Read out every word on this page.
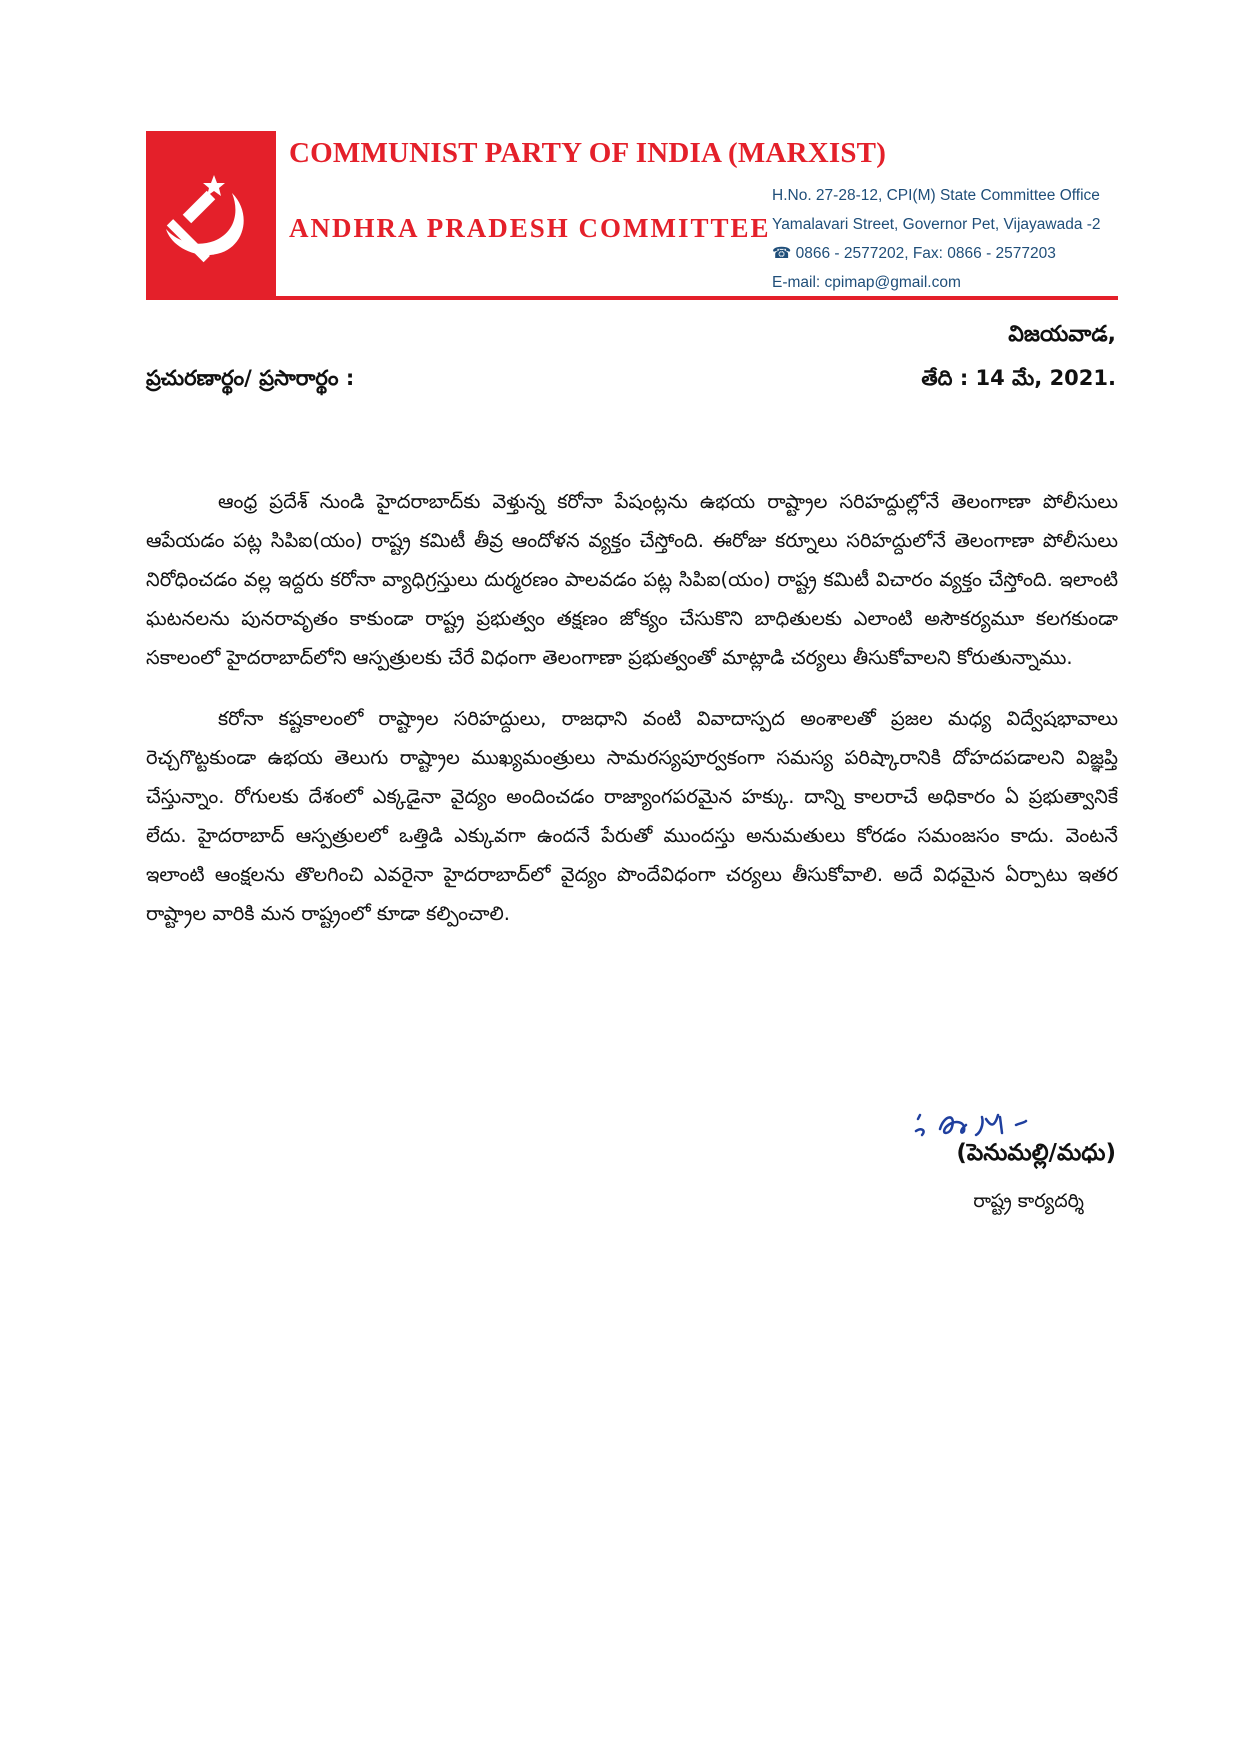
COMMUNIST PARTY OF INDIA (MARXIST)
ANDHRA PRADESH COMMITTEE
H.No. 27-28-12, CPI(M) State Committee Office
Yamalavari Street, Governor Pet, Vijayawada -2
☎ 0866 - 2577202, Fax: 0866 - 2577203
E-mail: cpimap@gmail.com
విజయవాడ,
ప్రచురణార్థం/ ప్రసారార్థం :	తేది : 14 మే, 2021.

ఆంధ్ర ప్రదేశ్ నుండి హైదరాబాద్‌కు వెళ్తున్న కరోనా పేషంట్లను ఉభయ రాష్ట్రాల సరిహద్దుల్లోనే తెలంగాణా పోలీసులు ఆపేయడం పట్ల సిపిఐ(యం) రాష్ట్ర కమిటీ తీవ్ర ఆందోళన వ్యక్తం చేస్తోంది. ఈరోజు కర్నూలు సరిహద్దులోనే తెలంగాణా పోలీసులు నిరోధించడం వల్ల ఇద్దరు కరోనా వ్యాధిగ్రస్తులు దుర్మరణం పాలవడం పట్ల సిపిఐ(యం) రాష్ట్ర కమిటీ విచారం వ్యక్తం చేస్తోంది. ఇలాంటి ఘటనలను పునరావృతం కాకుండా రాష్ట్ర ప్రభుత్వం తక్షణం జోక్యం చేసుకొని బాధితులకు ఎలాంటి అసౌకర్యమూ కలగకుండా సకాలంలో హైదరాబాద్‌లోని ఆస్పత్రులకు చేరే విధంగా తెలంగాణా ప్రభుత్వంతో మాట్లాడి చర్యలు తీసుకోవాలని కోరుతున్నాము.

కరోనా కష్టకాలంలో రాష్ట్రాల సరిహద్దులు, రాజధాని వంటి వివాదాస్పద అంశాలతో ప్రజల మధ్య విద్వేషభావాలు రెచ్చగొట్టకుండా ఉభయ తెలుగు రాష్ట్రాల ముఖ్యమంత్రులు సామరస్యపూర్వకంగా సమస్య పరిష్కారానికి దోహదపడాలని విజ్ఞప్తి చేస్తున్నాం. రోగులకు దేశంలో ఎక్కడైనా వైద్యం అందించడం రాజ్యాంగపరమైన హక్కు. దాన్ని కాలరాచే అధికారం ఏ ప్రభుత్వానికే లేదు. హైదరాబాద్ ఆస్పత్రులలో ఒత్తిడి ఎక్కువగా ఉందనే పేరుతో ముందస్తు అనుమతులు కోరడం సమంజసం కాదు. వెంటనే ఇలాంటి ఆంక్షలను తొలగించి ఎవరైనా హైదరాబాద్‌లో వైద్యం పొందేవిధంగా చర్యలు తీసుకోవాలి. అదే విధమైన ఏర్పాటు ఇతర రాష్ట్రాల వారికి మన రాష్ట్రంలో కూడా కల్పించాలి.

(పెనుమల్లి/మధు)
రాష్ట్ర కార్యదర్శి
